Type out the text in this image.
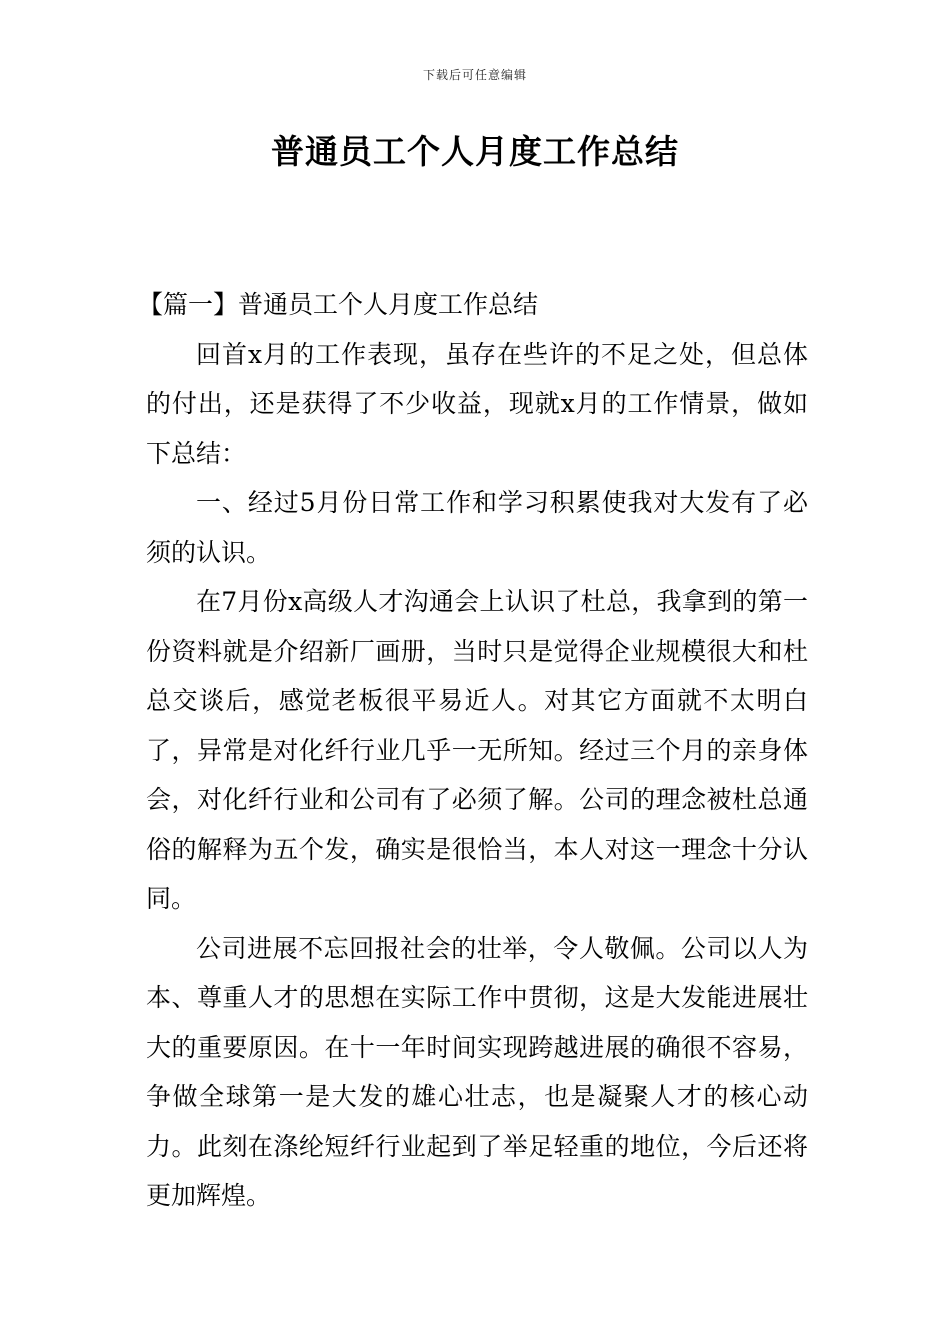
下载后可任意编辑
普通员工个人月度工作总结

【篇一】普通员工个人月度工作总结

回首x月的工作表现，虽存在些许的不足之处，但总体的付出，还是获得了不少收益，现就x月的工作情景，做如下总结：

一、经过5月份日常工作和学习积累使我对大发有了必须的认识。

在7月份x高级人才沟通会上认识了杜总，我拿到的第一份资料就是介绍新厂画册，当时只是觉得企业规模很大和杜总交谈后，感觉老板很平易近人。对其它方面就不太明白了，异常是对化纤行业几乎一无所知。经过三个月的亲身体会，对化纤行业和公司有了必须了解。公司的理念被杜总通俗的解释为五个发，确实是很恰当，本人对这一理念十分认同。

公司进展不忘回报社会的壮举，令人敬佩。公司以人为本、尊重人才的思想在实际工作中贯彻，这是大发能进展壮大的重要原因。在十一年时间实现跨越进展的确很不容易，争做全球第一是大发的雄心壮志，也是凝聚人才的核心动力。此刻在涤纶短纤行业起到了举足轻重的地位，今后还将更加辉煌。
